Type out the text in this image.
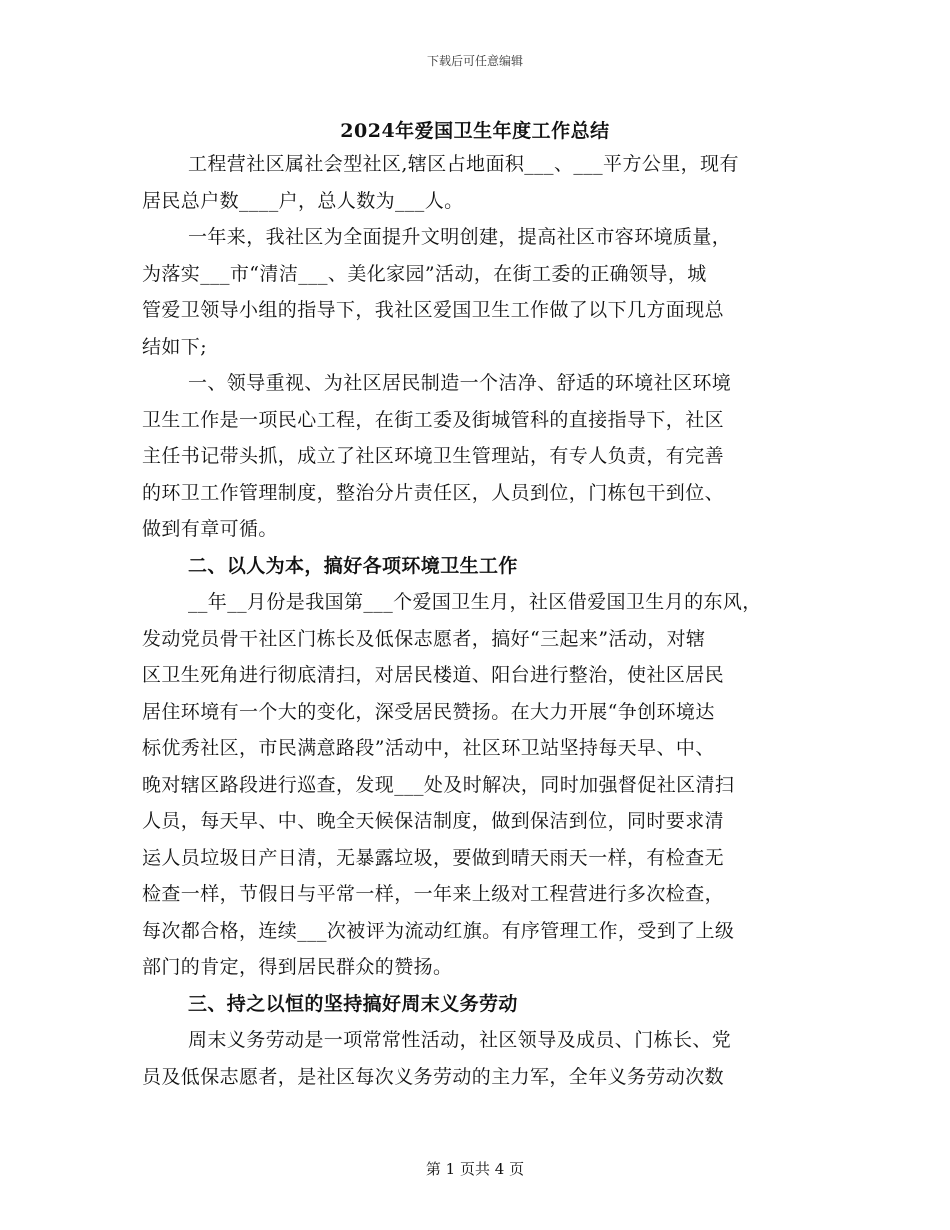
下载后可任意编辑
2024年爱国卫生年度工作总结
工程营社区属社会型社区,辖区占地面积___、___平方公里，现有
居民总户数____户，总人数为___人。
一年来，我社区为全面提升文明创建，提高社区市容环境质量，
为落实___市“清洁___、美化家园”活动，在街工委的正确领导，城
管爱卫领导小组的指导下，我社区爱国卫生工作做了以下几方面现总
结如下;
一、领导重视、为社区居民制造一个洁净、舒适的环境社区环境
卫生工作是一项民心工程，在街工委及街城管科的直接指导下，社区
主任书记带头抓，成立了社区环境卫生管理站，有专人负责，有完善
的环卫工作管理制度，整治分片责任区，人员到位，门栋包干到位、
做到有章可循。
二、以人为本，搞好各项环境卫生工作
__年__月份是我国第___个爱国卫生月，社区借爱国卫生月的东风，
发动党员骨干社区门栋长及低保志愿者，搞好“三起来”活动，对辖
区卫生死角进行彻底清扫，对居民楼道、阳台进行整治，使社区居民
居住环境有一个大的变化，深受居民赞扬。在大力开展“争创环境达
标优秀社区，市民满意路段”活动中，社区环卫站坚持每天早、中、
晚对辖区路段进行巡查，发现___处及时解决，同时加强督促社区清扫
人员，每天早、中、晚全天候保洁制度，做到保洁到位，同时要求清
运人员垃圾日产日清，无暴露垃圾，要做到晴天雨天一样，有检查无
检查一样，节假日与平常一样，一年来上级对工程营进行多次检查，
每次都合格，连续___次被评为流动红旗。有序管理工作，受到了上级
部门的肯定，得到居民群众的赞扬。
三、持之以恒的坚持搞好周末义务劳动
周末义务劳动是一项常常性活动，社区领导及成员、门栋长、党
员及低保志愿者，是社区每次义务劳动的主力军，全年义务劳动次数
第 1 页共 4 页
